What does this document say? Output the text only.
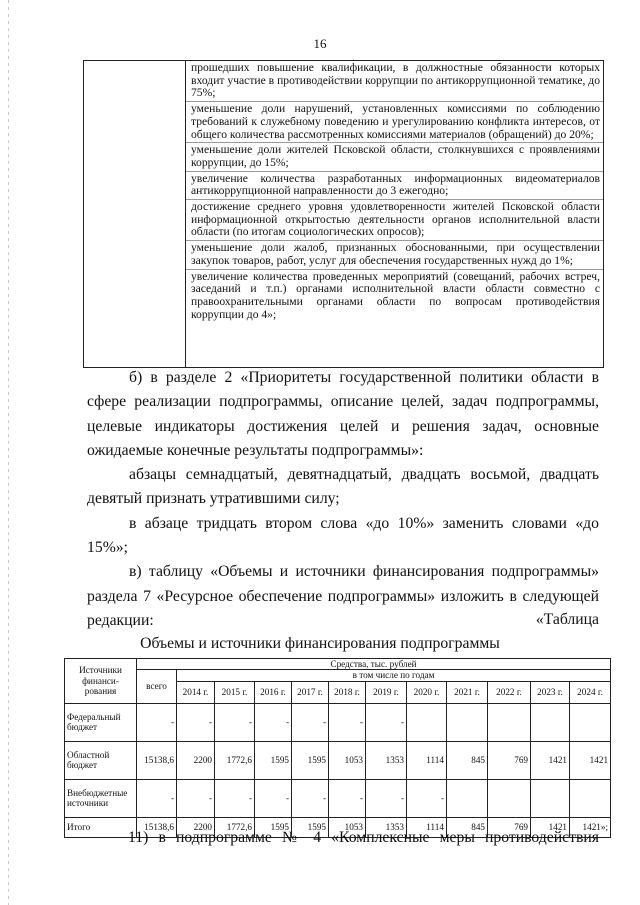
16

прошедших повышение квалификации, в должностные обязанности которых входит участие в противодействии коррупции по антикоррупционной тематике, до 75%;
уменьшение доли нарушений, установленных комиссиями по соблюдению требований к служебному поведению и урегулированию конфликта интересов, от общего количества рассмотренных комиссиями материалов (обращений) до 20%;
уменьшение доли жителей Псковской области, столкнувшихся с проявлениями коррупции, до 15%;
увеличение количества разработанных информационных видеоматериалов антикоррупционной направленности до 3 ежегодно;
достижение среднего уровня удовлетворенности жителей Псковской области информационной открытостью деятельности органов исполнительной власти области (по итогам социологических опросов);
уменьшение доли жалоб, признанных обоснованными, при осуществлении закупок товаров, работ, услуг для обеспечения государственных нужд до 1%;
увеличение количества проведенных мероприятий (совещаний, рабочих встреч, заседаний и т.п.) органами исполнительной власти области совместно с правоохранительными органами области по вопросам противодействия коррупции до 4»;

б) в разделе 2 «Приоритеты государственной политики области в сфере реализации подпрограммы, описание целей, задач подпрограммы, целевые индикаторы достижения целей и решения задач, основные ожидаемые конечные результаты подпрограммы»:

абзацы семнадцатый, девятнадцатый, двадцать восьмой, двадцать девятый признать утратившими силу;

в абзаце тридцать втором слова «до 10%» заменить словами «до 15%»;

в) таблицу «Объемы и источники финансирования подпрограммы» раздела 7 «Ресурсное обеспечение подпрограммы» изложить в следующей редакции:	«Таблица
Объемы и источники финансирования подпрограммы
Источники финанси-рования	Средства, тыс. рублей											
	всего	в том числе по годам										
		2014 г.	2015 г.	2016 г.	2017 г.	2018 г.	2019 г.	2020 г.	2021 г.	2022 г.	2023 г.	2024 г.
Федеральный бюджет	-	-	-	-	-	-	-					
Областной бюджет	15138,6	2200	1772,6	1595	1595	1053	1353	1114	845	769	1421	1421
Внебюджетные источники	-	-	-	-	-	-	-	-				
Итого	15138,6	2200	1772,6	1595	1595	1053	1353	1114	845	769	1421	1421»;
11) в подпрограмме № 4 «Комплексные меры противодействия
